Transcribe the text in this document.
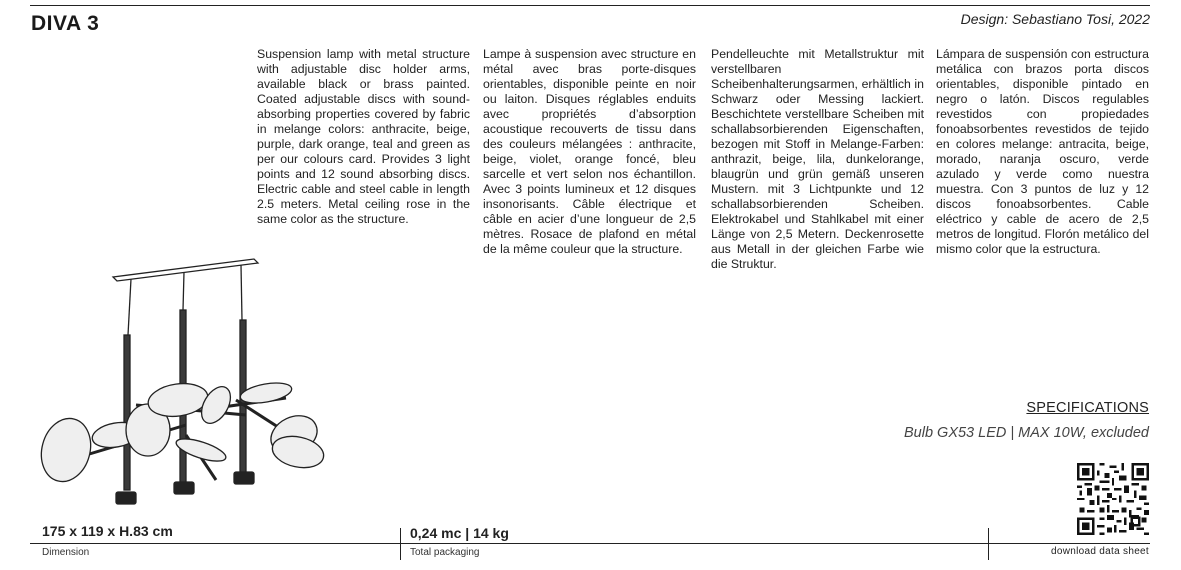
DIVA 3	Design: Sebastiano Tosi, 2022
Suspension lamp with metal structure with adjustable disc holder arms, available black or brass painted. Coated adjustable discs with sound-absorbing properties covered by fabric in melange colors: anthracite, beige, purple, dark orange, teal and green as per our colours card. Provides 3 light points and 12 sound absorbing discs. Electric cable and steel cable in length 2.5 meters. Metal ceiling rose in the same color as the structure.
Lampe à suspension avec structure en métal avec bras porte-disques orientables, disponible peinte en noir ou laiton. Disques réglables enduits avec propriétés d’absorption acoustique recouverts de tissu dans des couleurs mélangées : anthracite, beige, violet, orange foncé, bleu sarcelle et vert selon nos échantillon. Avec 3 points lumineux et 12 disques insonorisants. Câble électrique et câble en acier d’une longueur de 2,5 mètres. Rosace de plafond en métal de la même couleur que la structure.
Pendelleuchte mit Metallstruktur mit verstellbaren Scheibenhalterungsarmen, erhältlich in Schwarz oder Messing lackiert. Beschichtete verstellbare Scheiben mit schallabsorbierenden Eigenschaften, bezogen mit Stoff in Melange-Farben: anthrazit, beige, lila, dunkelorange, blaugrün und grün gemäß unseren Mustern. mit 3 Lichtpunkte und 12 schallabsorbierenden Scheiben. Elektrokabel und Stahlkabel mit einer Länge von 2,5 Metern. Deckenrosette aus Metall in der gleichen Farbe wie die Struktur.
Lámpara de suspensión con estructura metálica con brazos porta discos orientables, disponible pintado en negro o latón. Discos regulables revestidos con propiedades fonoabsorbentes revestidos de tejido en colores melange: antracita, beige, morado, naranja oscuro, verde azulado y verde como nuestra muestra. Con 3 puntos de luz y 12 discos fonoabsorbentes. Cable eléctrico y cable de acero de 2,5 metros de longitud. Florón metálico del mismo color que la estructura.
SPECIFICATIONS
Bulb GX53 LED | MAX 10W, excluded
175 x 119 x H.83 cm	0,24 mc | 14 kg
Dimension	Total packaging	download data sheet
